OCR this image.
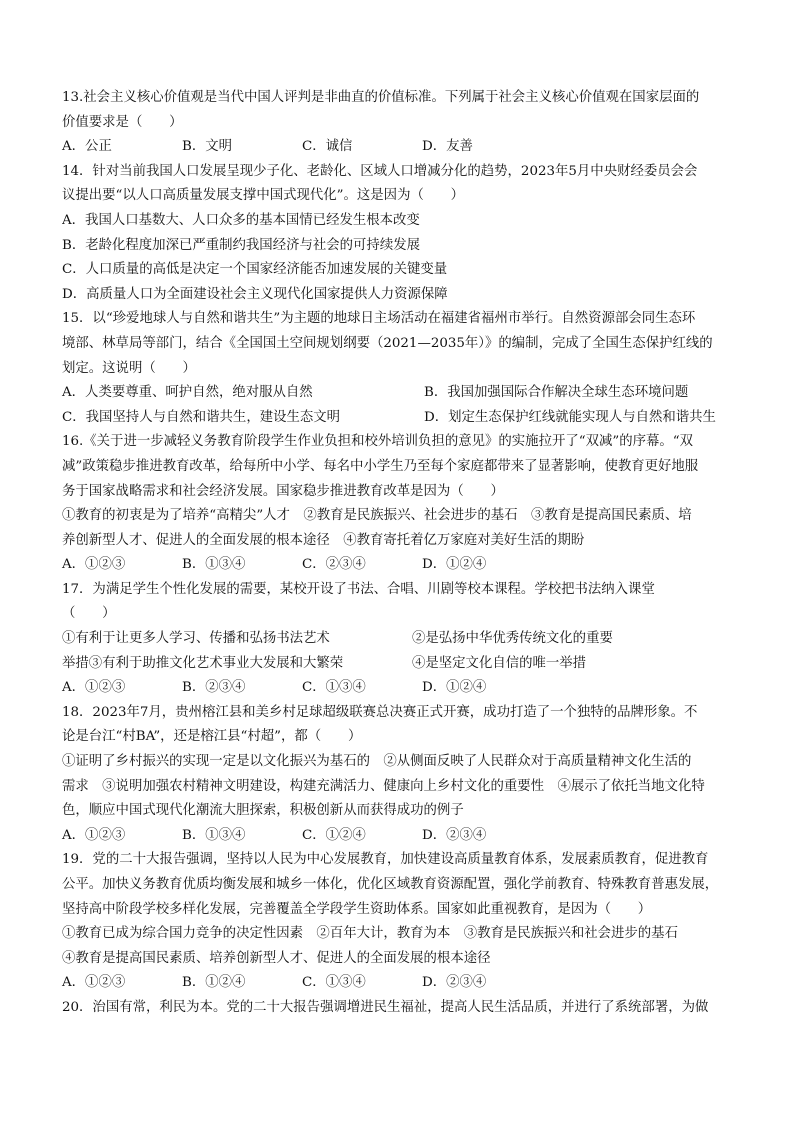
13.社会主义核心价值观是当代中国人评判是非曲直的价值标准。下列属于社会主义核心价值观在国家层面的
价值要求是（　　）
A．公正	B．文明	C．诚信	D．友善
14．针对当前我国人口发展呈现少子化、老龄化、区域人口增减分化的趋势，2023年5月中央财经委员会会
议提出要“以人口高质量发展支撑中国式现代化”。这是因为（　　）
A．我国人口基数大、人口众多的基本国情已经发生根本改变
B．老龄化程度加深已严重制约我国经济与社会的可持续发展
C．人口质量的高低是决定一个国家经济能否加速发展的关键变量
D．高质量人口为全面建设社会主义现代化国家提供人力资源保障
15．以“珍爱地球人与自然和谐共生”为主题的地球日主场活动在福建省福州市举行。自然资源部会同生态环
境部、林草局等部门，结合《全国国土空间规划纲要（2021—2035年）》的编制，完成了全国生态保护红线的
划定。这说明（　　）
A．人类要尊重、呵护自然，绝对服从自然	B．我国加强国际合作解决全球生态环境问题
C．我国坚持人与自然和谐共生，建设生态文明	D．划定生态保护红线就能实现人与自然和谐共生
16.《关于进一步减轻义务教育阶段学生作业负担和校外培训负担的意见》的实施拉开了“双减”的序幕。“双
减”政策稳步推进教育改革，给每所中小学、每名中小学生乃至每个家庭都带来了显著影响，使教育更好地服
务于国家战略需求和社会经济发展。国家稳步推进教育改革是因为（　　）
①教育的初衷是为了培养“高精尖”人才　②教育是民族振兴、社会进步的基石　③教育是提高国民素质、培
养创新型人才、促进人的全面发展的根本途径　④教育寄托着亿万家庭对美好生活的期盼
A．①②③	B．①③④	C．②③④	D．①②④
17．为满足学生个性化发展的需要，某校开设了书法、合唱、川剧等校本课程。学校把书法纳入课堂
（　　）
①有利于让更多人学习、传播和弘扬书法艺术	②是弘扬中华优秀传统文化的重要
举措③有利于助推文化艺术事业大发展和大繁荣	④是坚定文化自信的唯一举措
A．①②③	B．②③④	C．①③④	D．①②④
18．2023年7月，贵州榕江县和美乡村足球超级联赛总决赛正式开赛，成功打造了一个独特的品牌形象。不
论是台江“村BA”，还是榕江县“村超”，都（　　）
①证明了乡村振兴的实现一定是以文化振兴为基石的　②从侧面反映了人民群众对于高质量精神文化生活的
需求　③说明加强农村精神文明建设，构建充满活力、健康向上乡村文化的重要性　④展示了依托当地文化特
色，顺应中国式现代化潮流大胆探索，积极创新从而获得成功的例子
A．①②③	B．①③④	C．①②④	D．②③④
19．党的二十大报告强调，坚持以人民为中心发展教育，加快建设高质量教育体系，发展素质教育，促进教育
公平。加快义务教育优质均衡发展和城乡一体化，优化区域教育资源配置，强化学前教育、特殊教育普惠发展，
坚持高中阶段学校多样化发展，完善覆盖全学段学生资助体系。国家如此重视教育，是因为（　　）
①教育已成为综合国力竞争的决定性因素　②百年大计，教育为本　③教育是民族振兴和社会进步的基石
④教育是提高国民素质、培养创新型人才、促进人的全面发展的根本途径
A．①②③	B．①②④	C．①③④	D．②③④
20．治国有常，利民为本。党的二十大报告强调增进民生福祉，提高人民生活品质，并进行了系统部署，为做
